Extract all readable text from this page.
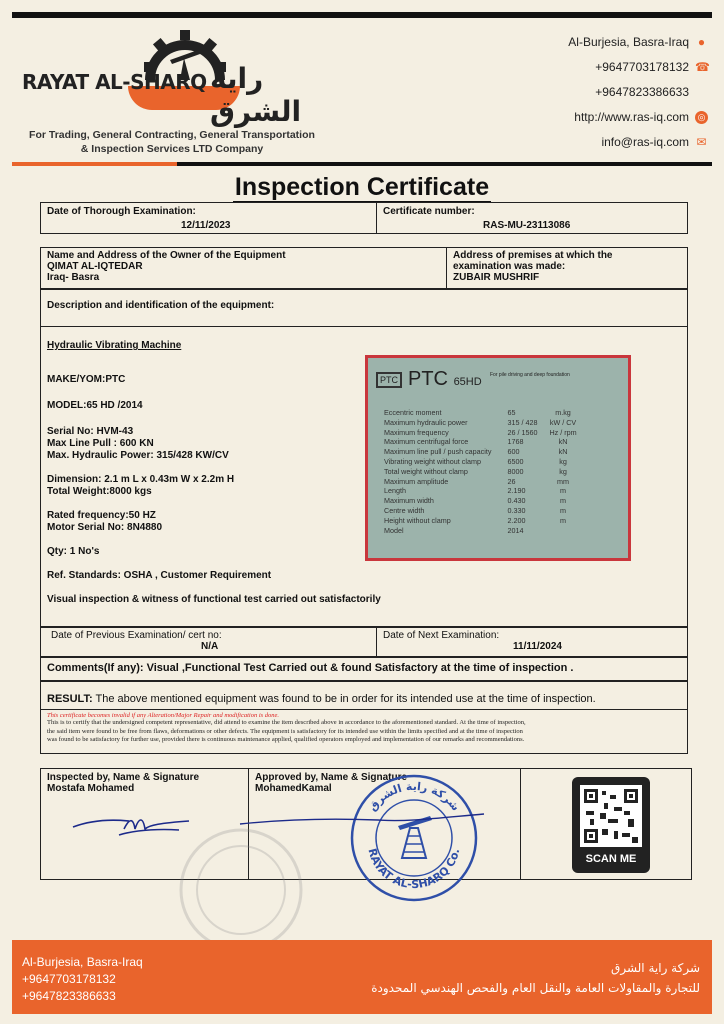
RAYAT AL-SHARQ راية الشرق
For Trading, General Contracting, General Transportation
& Inspection Services LTD Company
Al-Burjesia, Basra-Iraq ●
+9647703178132 ☎
+9647823386633
http://www.ras-iq.com ◎
info@ras-iq.com ✉
Inspection Certificate
Date of Thorough Examination:
12/11/2023
Certificate number:
RAS-MU-23113086
Name and Address of the Owner of the Equipment
QIMAT AL-IQTEDAR
Iraq- Basra
Address of premises at which the
examination was made:
ZUBAIR MUSHRIF
Description and identification of the equipment:
Hydraulic Vibrating Machine
MAKE/YOM:PTC
MODEL:65 HD /2014
Serial No: HVM-43
Max Line Pull : 600 KN
Max. Hydraulic Power: 315/428 KW/CV
Dimension: 2.1 m L x 0.43m W x 2.2m H
Total Weight:8000 kgs
Rated frequency:50 HZ
Motor Serial No: 8N4880
Qty: 1 No's
Ref. Standards: OSHA , Customer Requirement
Visual inspection & witness of functional test carried out satisfactorily
PTC PTC 65HD
For pile driving and deep foundation
Eccentric moment	65	m.kg
Maximum hydraulic power	315 / 428	kW / CV
Maximum frequency	26 / 1560	Hz / rpm
Maximum centrifugal force	1768	kN
Maximum line pull / push capacity	600	kN
Vibrating weight without clamp	6500	kg
Total weight without clamp	8000	kg
Maximum amplitude	26	mm
Length	2.190	m
Maximum width	0.430	m
Centre width	0.330	m
Height without clamp	2.200	m
Model	2014	
Date of Previous Examination/ cert no:
N/A
Date of Next Examination:
11/11/2024
Comments(If any): Visual ,Functional Test Carried out & found Satisfactory at the time of inspection .
RESULT: The above mentioned equipment was found to be in order for its intended use at the time of inspection.
This certificate becomes invalid if any Alteration/Major Repair and modification is done.
This is to certify that the undersigned competent representative, did attend to examine the item described above in accordance to the aforementioned standard. At the time of inspection,
the said item were found to be free from flaws, deformations or other defects. The equipment is satisfactory for its intended use within the limits specified and at the time of inspection
was found to be satisfactory for further use, provided there is continuous maintenance applied, qualified operators employed and implementation of our remarks and recommendations.
Inspected by, Name & Signature
Mostafa Mohamed
Approved by, Name & Signature
MohamedKamal
SCAN ME
شركة راية الشرق
RAYAT AL-SHARQ Co.
Al-Burjesia, Basra-Iraq
+9647703178132
+9647823386633
شركة راية الشرق
للتجارة والمقاولات العامة والنقل العام والفحص الهندسي المحدودة
